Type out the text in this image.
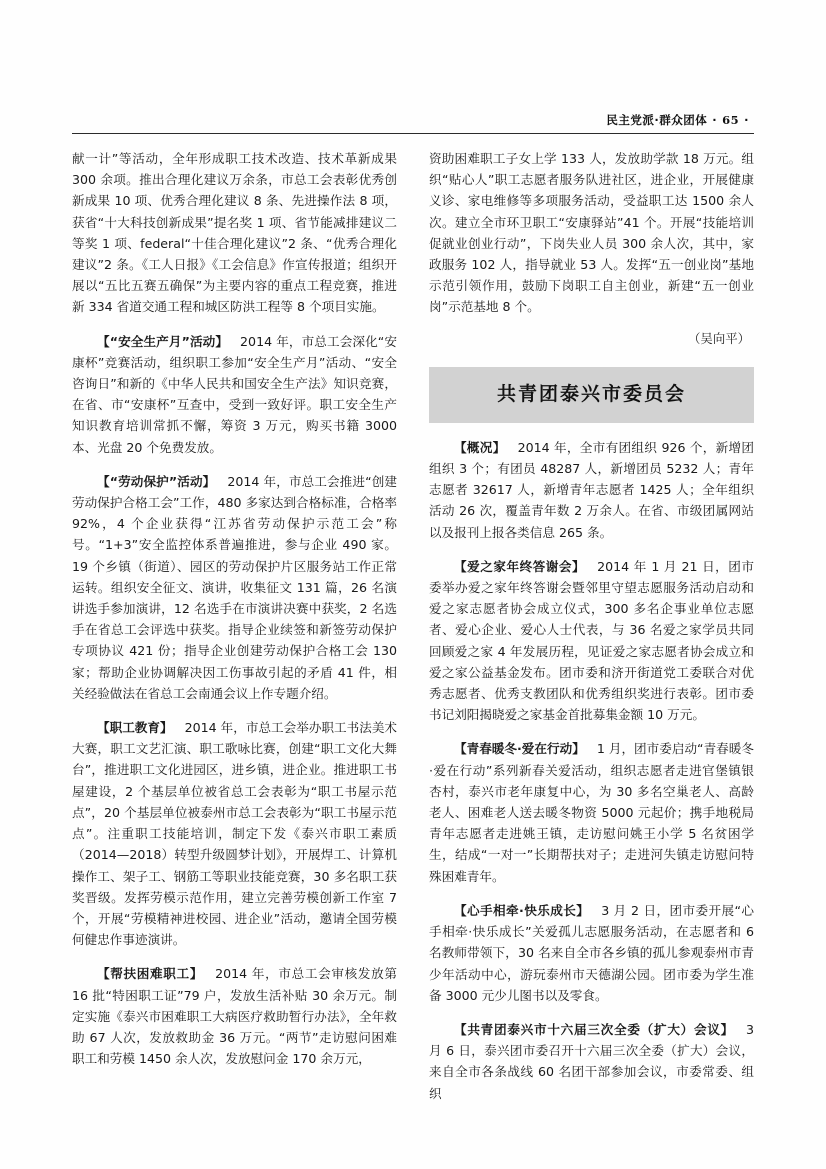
民主党派·群众团体 · 65 ·

献一计”等活动，全年形成职工技术改造、技术革新成果 300 余项。推出合理化建议万余条，市总工会表彰优秀创新成果 10 项、优秀合理化建议 8 条、先进操作法 8 项，获省“十大科技创新成果”提名奖 1 项、省节能减排建议二等奖 1 项、federal“十佳合理化建议”2 条、“优秀合理化建议”2 条。《工人日报》《工会信息》作宣传报道；组织开展以“五比五赛五确保”为主要内容的重点工程竞赛，推进新 334 省道交通工程和城区防洪工程等 8 个项目实施。

【“安全生产月”活动】 2014 年，市总工会深化“安康杯”竞赛活动，组织职工参加“安全生产月”活动、“安全咨询日”和新的《中华人民共和国安全生产法》知识竞赛，在省、市“安康杯”互查中，受到一致好评。职工安全生产知识教育培训常抓不懈，筹资 3 万元，购买书籍 3000 本、光盘 20 个免费发放。

【“劳动保护”活动】 2014 年，市总工会推进“创建劳动保护合格工会”工作，480 多家达到合格标准，合格率 92%，4 个企业获得“江苏省劳动保护示范工会”称号。“1+3”安全监控体系普遍推进，参与企业 490 家。19 个乡镇（街道）、园区的劳动保护片区服务站工作正常运转。组织安全征文、演讲，收集征文 131 篇，26 名演讲选手参加演讲，12 名选手在市演讲决赛中获奖，2 名选手在省总工会评选中获奖。指导企业续签和新签劳动保护专项协议 421 份；指导企业创建劳动保护合格工会 130 家；帮助企业协调解决因工伤事故引起的矛盾 41 件，相关经验做法在省总工会南通会议上作专题介绍。

【职工教育】 2014 年，市总工会举办职工书法美术大赛，职工文艺汇演、职工歌咏比赛，创建“职工文化大舞台”，推进职工文化进园区，进乡镇，进企业。推进职工书屋建设，2 个基层单位被省总工会表彰为“职工书屋示范点”，20 个基层单位被泰州市总工会表彰为“职工书屋示范点”。注重职工技能培训，制定下发《泰兴市职工素质（2014—2018）转型升级圆梦计划》，开展焊工、计算机操作工、架子工、钢筋工等职业技能竞赛，30 多名职工获奖晋级。发挥劳模示范作用，建立完善劳模创新工作室 7 个，开展“劳模精神进校园、进企业”活动，邀请全国劳模何健忠作事迹演讲。

【帮扶困难职工】 2014 年，市总工会审核发放第 16 批“特困职工证”79 户，发放生活补贴 30 余万元。制定实施《泰兴市困难职工大病医疗救助暂行办法》，全年救助 67 人次，发放救助金 36 万元。“两节”走访慰问困难职工和劳模 1450 余人次，发放慰问金 170 余万元，

资助困难职工子女上学 133 人，发放助学款 18 万元。组织“贴心人”职工志愿者服务队进社区，进企业，开展健康义诊、家电维修等多项服务活动，受益职工达 1500 余人次。建立全市环卫职工“安康驿站”41 个。开展“技能培训促就业创业行动”，下岗失业人员 300 余人次，其中，家政服务 102 人，指导就业 53 人。发挥“五一创业岗”基地示范引领作用，鼓励下岗职工自主创业，新建“五一创业岗”示范基地 8 个。

（吴向平）
共青团泰兴市委员会

【概况】 2014 年，全市有团组织 926 个，新增团组织 3 个；有团员 48287 人，新增团员 5232 人；青年志愿者 32617 人，新增青年志愿者 1425 人；全年组织活动 26 次，覆盖青年数 2 万余人。在省、市级团属网站以及报刊上报各类信息 265 条。

【爱之家年终答谢会】 2014 年 1 月 21 日，团市委举办爱之家年终答谢会暨邻里守望志愿服务活动启动和爱之家志愿者协会成立仪式，300 多名企事业单位志愿者、爱心企业、爱心人士代表，与 36 名爱之家学员共同回顾爱之家 4 年发展历程，见证爱之家志愿者协会成立和爱之家公益基金发布。团市委和济开街道党工委联合对优秀志愿者、优秀支教团队和优秀组织奖进行表彰。团市委书记刘阳揭晓爱之家基金首批募集金额 10 万元。

【青春暖冬·爱在行动】 1 月，团市委启动“青春暖冬·爱在行动”系列新春关爱活动，组织志愿者走进官堡镇银杏村，泰兴市老年康复中心，为 30 多名空巢老人、高龄老人、困难老人送去暖冬物资 5000 元起价；携手地税局青年志愿者走进姚王镇，走访慰问姚王小学 5 名贫困学生，结成“一对一”长期帮扶对子；走进河失镇走访慰问特殊困难青年。

【心手相牵·快乐成长】 3 月 2 日，团市委开展“心手相牵·快乐成长”关爱孤儿志愿服务活动，在志愿者和 6 名教师带领下，30 名来自全市各乡镇的孤儿参观泰州市青少年活动中心，游玩泰州市天德湖公园。团市委为学生准备 3000 元少儿图书以及零食。

【共青团泰兴市十六届三次全委（扩大）会议】 3 月 6 日，泰兴团市委召开十六届三次全委（扩大）会议，来自全市各条战线 60 名团干部参加会议，市委常委、组织
